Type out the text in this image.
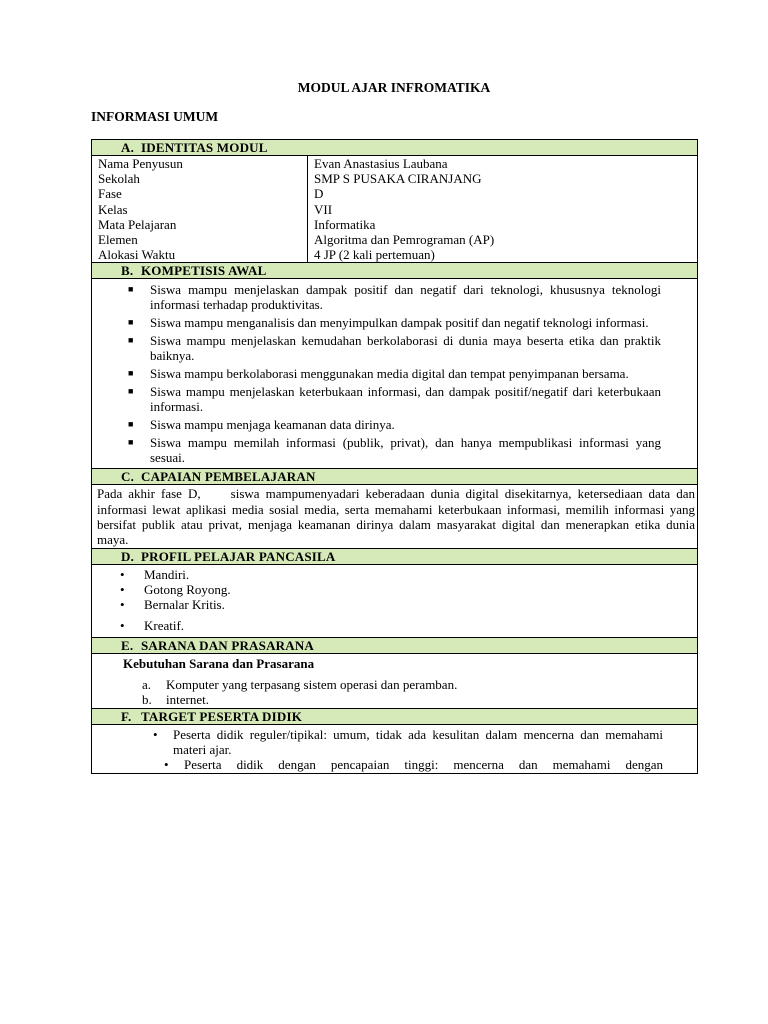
MODUL AJAR INFROMATIKA
INFORMASI UMUM
A. IDENTITAS MODUL
Nama Penyusun	Evan Anastasius Laubana
Sekolah	SMP S PUSAKA CIRANJANG
Fase	D
Kelas	VII
Mata Pelajaran	Informatika
Elemen	Algoritma dan Pemrograman (AP)
Alokasi Waktu	4 JP (2 kali pertemuan)
B. KOMPETISIS AWAL
■ Siswa mampu menjelaskan dampak positif dan negatif dari teknologi, khususnya teknologi informasi terhadap produktivitas.
■ Siswa mampu menganalisis dan menyimpulkan dampak positif dan negatif teknologi informasi.
■ Siswa mampu menjelaskan kemudahan berkolaborasi di dunia maya beserta etika dan praktik baiknya.
■ Siswa mampu berkolaborasi menggunakan media digital dan tempat penyimpanan bersama.
■ Siswa mampu menjelaskan keterbukaan informasi, dan dampak positif/negatif dari keterbukaan informasi.
■ Siswa mampu menjaga keamanan data dirinya.
■ Siswa mampu memilah informasi (publik, privat), dan hanya mempublikasi informasi yang sesuai.
C. CAPAIAN PEMBELAJARAN
Pada akhir fase D,     siswa mampumenyadari keberadaan dunia digital disekitarnya, ketersediaan data dan informasi lewat aplikasi media sosial media, serta memahami keterbukaan informasi, memilih informasi yang bersifat publik atau privat, menjaga keamanan dirinya dalam masyarakat digital dan menerapkan etika dunia maya.
D. PROFIL PELAJAR PANCASILA
• Mandiri.
• Gotong Royong.
• Bernalar Kritis.
• Kreatif.
E. SARANA DAN PRASARANA
Kebutuhan Sarana dan Prasarana
a. Komputer yang terpasang sistem operasi dan peramban.
b. internet.
F. TARGET PESERTA DIDIK
• Peserta didik reguler/tipikal: umum, tidak ada kesulitan dalam mencerna dan memahami materi ajar.
• Peserta didik dengan pencapaian tinggi: mencerna dan memahami dengan
